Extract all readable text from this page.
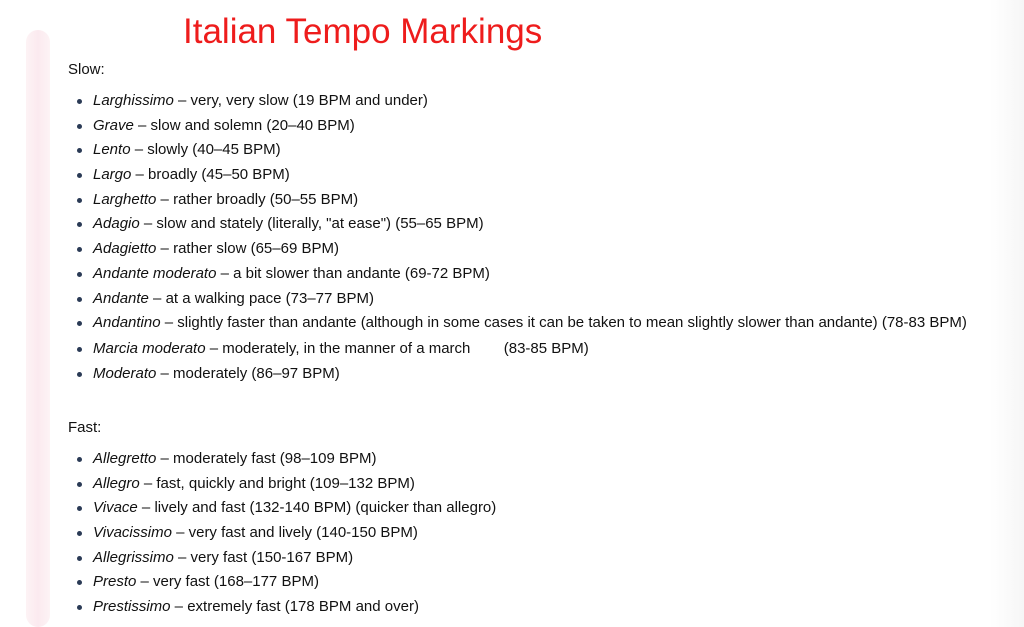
Italian Tempo Markings
Slow:
Larghissimo – very, very slow (19 BPM and under)
Grave – slow and solemn (20–40 BPM)
Lento – slowly (40–45 BPM)
Largo – broadly (45–50 BPM)
Larghetto – rather broadly (50–55 BPM)
Adagio – slow and stately (literally, "at ease") (55–65 BPM)
Adagietto – rather slow (65–69 BPM)
Andante moderato – a bit slower than andante (69-72 BPM)
Andante – at a walking pace (73–77 BPM)
Andantino – slightly faster than andante (although in some cases it can be taken to mean slightly slower than andante) (78-83 BPM)
Marcia moderato – moderately, in the manner of a march        (83-85 BPM)
Moderato – moderately (86–97 BPM)
Fast:
Allegretto – moderately fast (98–109 BPM)
Allegro – fast, quickly and bright (109–132 BPM)
Vivace – lively and fast (132-140 BPM) (quicker than allegro)
Vivacissimo – very fast and lively (140-150 BPM)
Allegrissimo – very fast (150-167 BPM)
Presto – very fast (168–177 BPM)
Prestissimo – extremely fast (178 BPM and over)
